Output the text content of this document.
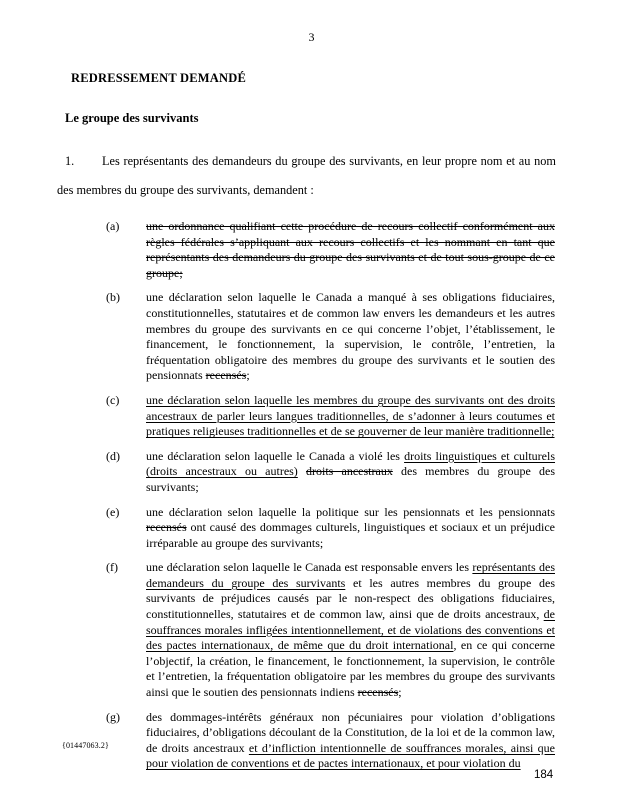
3
REDRESSEMENT DEMANDÉ
Le groupe des survivants

1. Les représentants des demandeurs du groupe des survivants, en leur propre nom et au nom des membres du groupe des survivants, demandent :

(a)	une ordonnance qualifiant cette procédure de recours collectif conformément aux règles fédérales s’appliquant aux recours collectifs et les nommant en tant que représentants des demandeurs du groupe des survivants et de tout sous-groupe de ce groupe;
(b)	une déclaration selon laquelle le Canada a manqué à ses obligations fiduciaires, constitutionnelles, statutaires et de common law envers les demandeurs et les autres membres du groupe des survivants en ce qui concerne l’objet, l’établissement, le financement, le fonctionnement, la supervision, le contrôle, l’entretien, la fréquentation obligatoire des membres du groupe des survivants et le soutien des pensionnats recensés;
(c)	une déclaration selon laquelle les membres du groupe des survivants ont des droits ancestraux de parler leurs langues traditionnelles, de s’adonner à leurs coutumes et pratiques religieuses traditionnelles et de se gouverner de leur manière traditionnelle;
(d)	une déclaration selon laquelle le Canada a violé les droits linguistiques et culturels (droits ancestraux ou autres) droits ancestraux des membres du groupe des survivants;
(e)	une déclaration selon laquelle la politique sur les pensionnats et les pensionnats recensés ont causé des dommages culturels, linguistiques et sociaux et un préjudice irréparable au groupe des survivants;
(f)	une déclaration selon laquelle le Canada est responsable envers les représentants des demandeurs du groupe des survivants et les autres membres du groupe des survivants de préjudices causés par le non-respect des obligations fiduciaires, constitutionnelles, statutaires et de common law, ainsi que de droits ancestraux, de souffrances morales infligées intentionnellement, et de violations des conventions et des pactes internationaux, de même que du droit international, en ce qui concerne l’objectif, la création, le financement, le fonctionnement, la supervision, le contrôle et l’entretien, la fréquentation obligatoire par les membres du groupe des survivants ainsi que le soutien des pensionnats indiens recensés;
(g)	des dommages-intérêts généraux non pécuniaires pour violation d’obligations fiduciaires, d’obligations découlant de la Constitution, de la loi et de la common law, de droits ancestraux et d’infliction intentionnelle de souffrances morales, ainsi que pour violation de conventions et de pactes internationaux, et pour violation du
{01447063.2}
184
